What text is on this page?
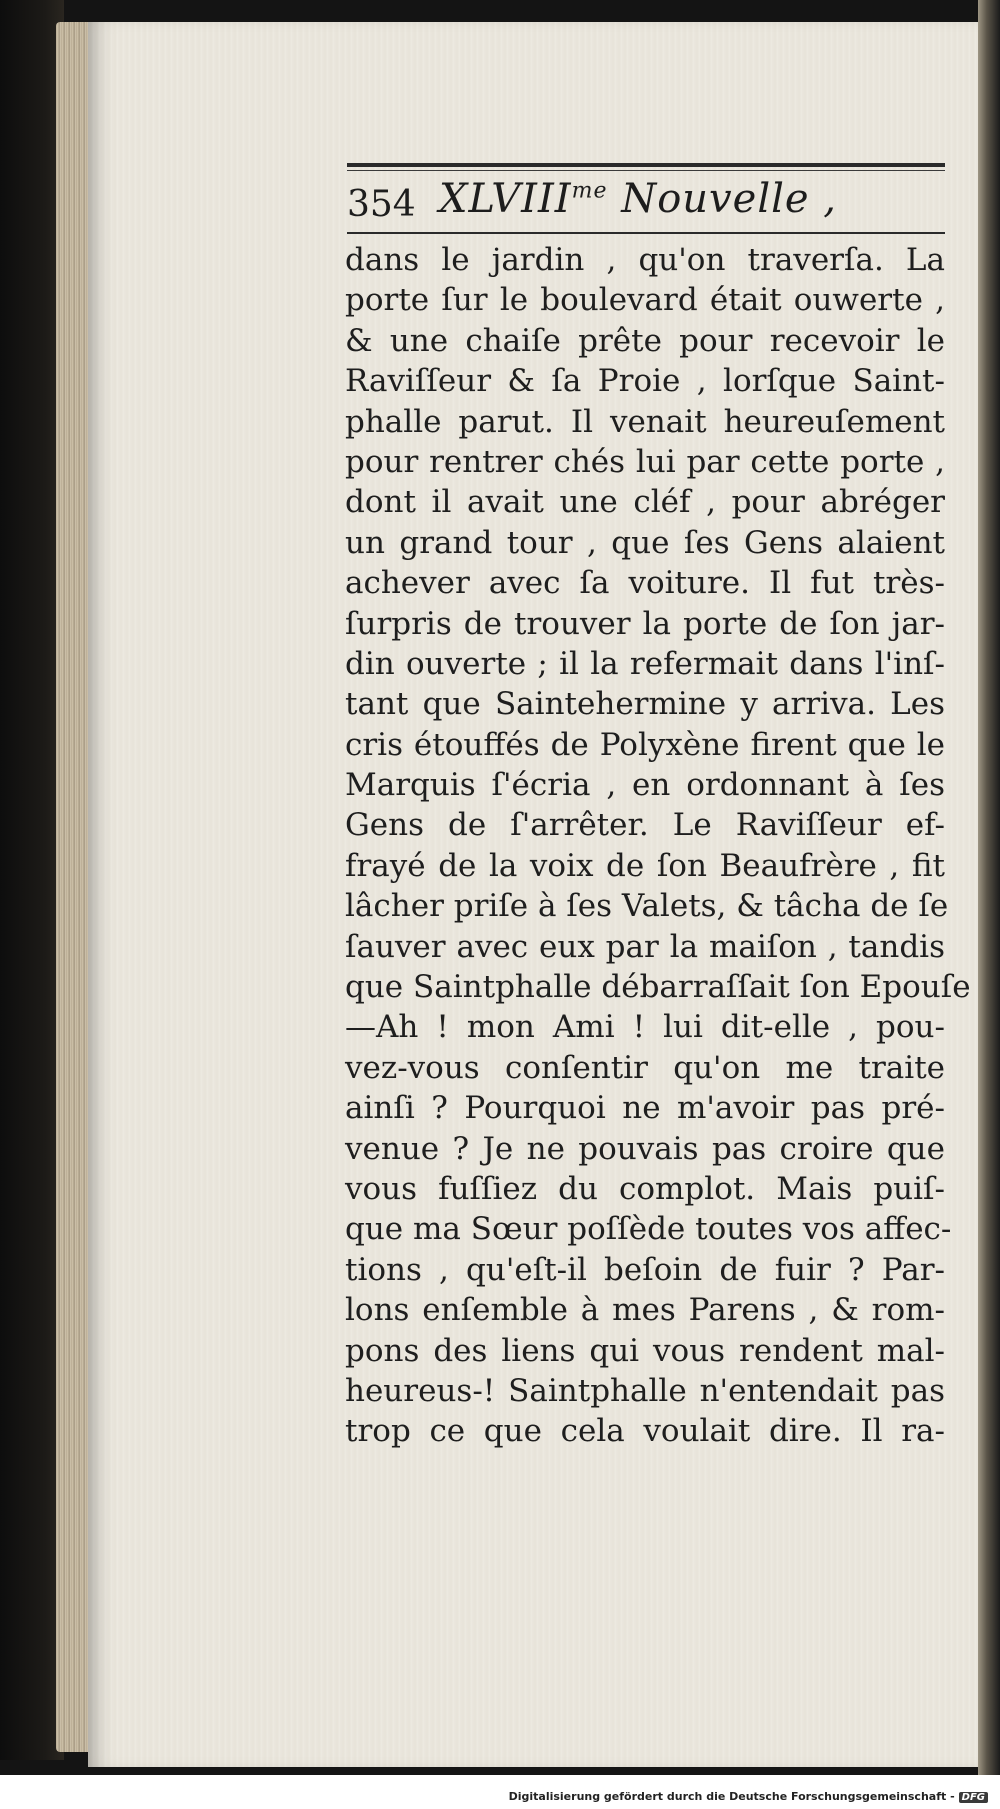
354 $XLVIII^{me}$ Nouvelle ,
dans le jardin , qu'on traverſa. La
porte ſur le boulevard était ouwerte ,
& une chaiſe prête pour recevoir le
Raviſſeur & ſa Proie , lorſque Saint-
phalle parut. Il venait heureuſement
pour rentrer chés lui par cette porte ,
dont il avait une cléf , pour abréger
un grand tour , que ſes Gens alaient
achever avec ſa voiture. Il fut très-
ſurpris de trouver la porte de ſon jar-
din ouverte ; il la refermait dans l'inſ-
tant que Saintehermine y arriva. Les
cris étouffés de Polyxène firent que le
Marquis ſ'écria , en ordonnant à ſes
Gens de ſ'arrêter. Le Raviſſeur ef-
frayé de la voix de ſon Beaufrère , fit
lâcher priſe à ſes Valets, & tâcha de ſe
ſauver avec eux par la maiſon , tandis
que Saintphalle débarraſſait ſon Epouſe
—Ah ! mon Ami ! lui dit-elle , pou-
vez-vous conſentir qu'on me traite
ainſi ? Pourquoi ne m'avoir pas pré-
venue ? Je ne pouvais pas croire que
vous fuſſiez du complot. Mais puiſ-
que ma Sœur poſſède toutes vos affec-
tions , qu'eſt-il beſoin de fuir ? Par-
lons enſemble à mes Parens , & rom-
pons des liens qui vous rendent mal-
heureus-! Saintphalle n'entendait pas
trop ce que cela voulait dire. Il ra-
Digitalisierung gefördert durch die Deutsche Forschungsgemeinschaft - DFG
